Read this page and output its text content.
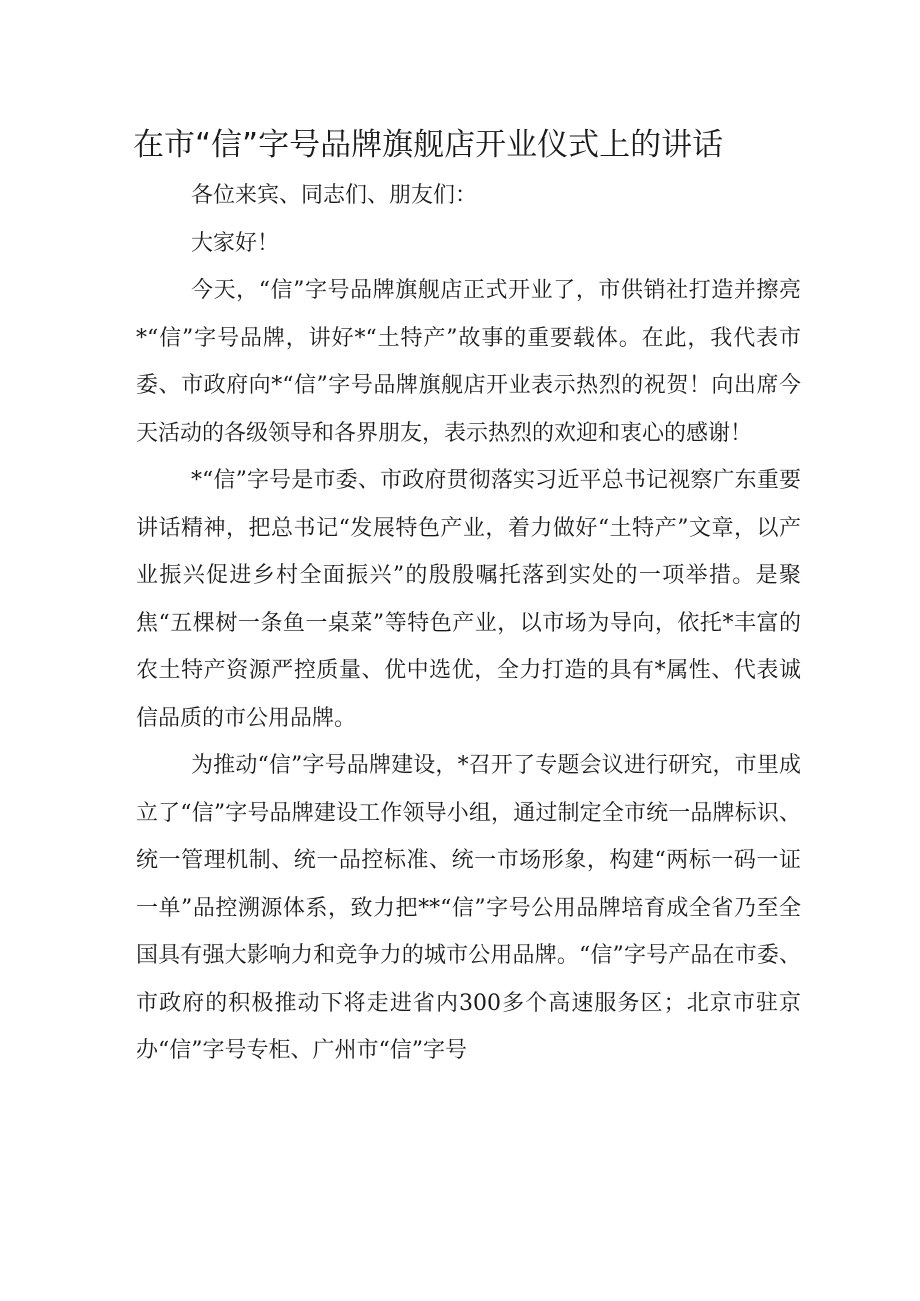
在市“信”字号品牌旗舰店开业仪式上的讲话

各位来宾、同志们、朋友们：

大家好！

今天，“信”字号品牌旗舰店正式开业了，市供销社打造并擦亮*“信”字号品牌，讲好*“土特产”故事的重要载体。在此，我代表市委、市政府向*“信”字号品牌旗舰店开业表示热烈的祝贺！向出席今天活动的各级领导和各界朋友，表示热烈的欢迎和衷心的感谢！

*“信”字号是市委、市政府贯彻落实习近平总书记视察广东重要讲话精神，把总书记“发展特色产业，着力做好“土特产”文章，以产业振兴促进乡村全面振兴”的殷殷嘱托落到实处的一项举措。是聚焦“五棵树一条鱼一桌菜”等特色产业，以市场为导向，依托*丰富的农土特产资源严控质量、优中选优，全力打造的具有*属性、代表诚信品质的市公用品牌。

为推动“信”字号品牌建设，*召开了专题会议进行研究，市里成立了“信”字号品牌建设工作领导小组，通过制定全市统一品牌标识、统一管理机制、统一品控标准、统一市场形象，构建“两标一码一证一单”品控溯源体系，致力把**“信”字号公用品牌培育成全省乃至全国具有强大影响力和竞争力的城市公用品牌。“信”字号产品在市委、市政府的积极推动下将走进省内300多个高速服务区；北京市驻京办“信”字号专柜、广州市“信”字号
